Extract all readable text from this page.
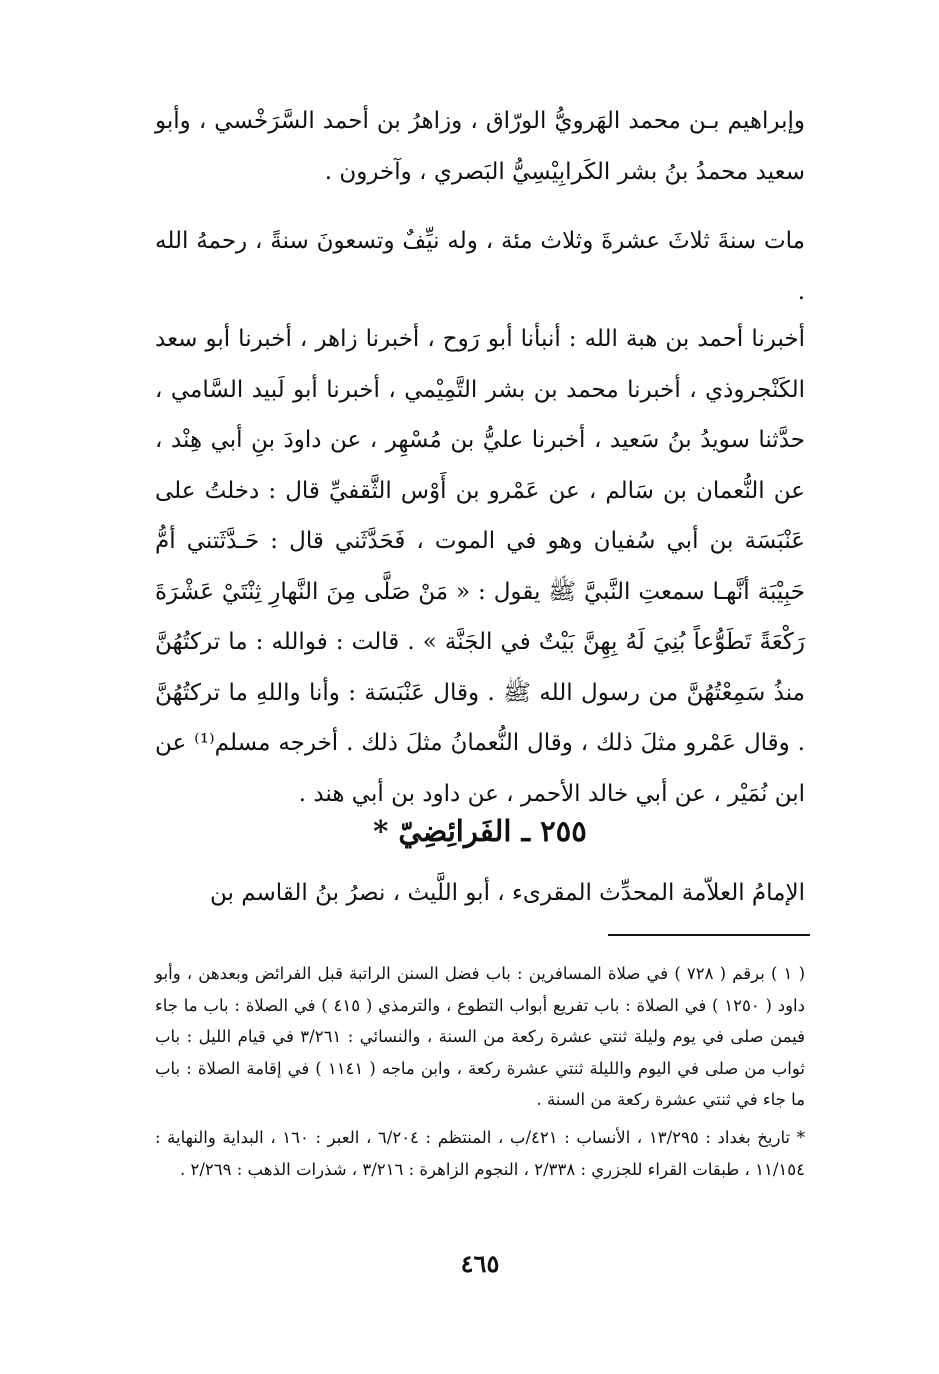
وإبراهيم بـن محمد الهَرويُّ الورّاق ، وزاهرُ بن أحمد السَّرَخْسي ، وأبو سعيد محمدُ بنُ بشر الكَرابِيْسِيُّ البَصري ، وآخرون .

مات سنةَ ثلاثَ عشرةَ وثلاث مئة ، وله نيِّفٌ وتسعونَ سنةً ، رحمهُ الله .

أخبرنا أحمد بن هبة الله : أنبأنا أبو رَوح ، أخبرنا زاهر ، أخبرنا أبو سعد الكَنْجروذي ، أخبرنا محمد بن بشر التَّمِيْمي ، أخبرنا أبو لَبيد السَّامي ، حدَّثنا سويدُ بنُ سَعيد ، أخبرنا عليُّ بن مُسْهِر ، عن داودَ بنِ أبي هِنْد ، عن النُّعمان بن سَالم ، عن عَمْرو بن أَوْس الثَّقفيِّ قال : دخلتُ على عَنْبَسَة بن أبي سُفيان وهو في الموت ، فَحَدَّثَني قال : حَـدَّثَتني أمُّ حَبِيْبَة أنَّهـا سمعتِ النَّبيَّ ﷺ يقول : « مَنْ صَلَّى مِنَ النَّهارِ ثِنْتَيْ عَشْرَةَ رَكْعَةً تَطَوُّعاً بُنِيَ لَهُ بِهِنَّ بَيْتٌ في الجَنَّة » . قالت : فوالله : ما تركتُهُنَّ منذُ سَمِعْتُهُنَّ من رسول الله ﷺ . وقال عَنْبَسَة : وأنا واللهِ ما تركتُهُنَّ . وقال عَمْرو مثلَ ذلك ، وقال النُّعمانُ مثلَ ذلك . أخرجه مسلم⁽¹⁾ عن ابن نُمَيْر ، عن أبي خالد الأحمر ، عن داود بن أبي هند .

٢٥٥ ـ الفَرائِضِيّ *

الإمامُ العلاّمة المحدِّث المقرىء ، أبو اللَّيث ، نصرُ بنُ القاسم بن

( ١ ) برقم ( ٧٢٨ ) في صلاة المسافرين : باب فضل السنن الراتبة قبل الفرائض وبعدهن ، وأبو داود ( ١٢٥٠ ) في الصلاة : باب تفريع أبواب التطوع ، والترمذي ( ٤١٥ ) في الصلاة : باب ما جاء فيمن صلى في يوم وليلة ثنتي عشرة ركعة من السنة ، والنسائي : ٣/٢٦١ في قيام الليل : باب ثواب من صلى في اليوم والليلة ثنتي عشرة ركعة ، وابن ماجه ( ١١٤١ ) في إقامة الصلاة : باب ما جاء في ثنتي عشرة ركعة من السنة .

* تاريخ بغداد : ١٣/٢٩٥ ، الأنساب : ٤٢١/ب ، المنتظم : ٦/٢٠٤ ، العبر : ١٦٠ ، البداية والنهاية : ١١/١٥٤ ، طبقات القراء للجزري : ٢/٣٣٨ ، النجوم الزاهرة : ٣/٢١٦ ، شذرات الذهب : ٢/٢٦٩ .

٤٦٥
